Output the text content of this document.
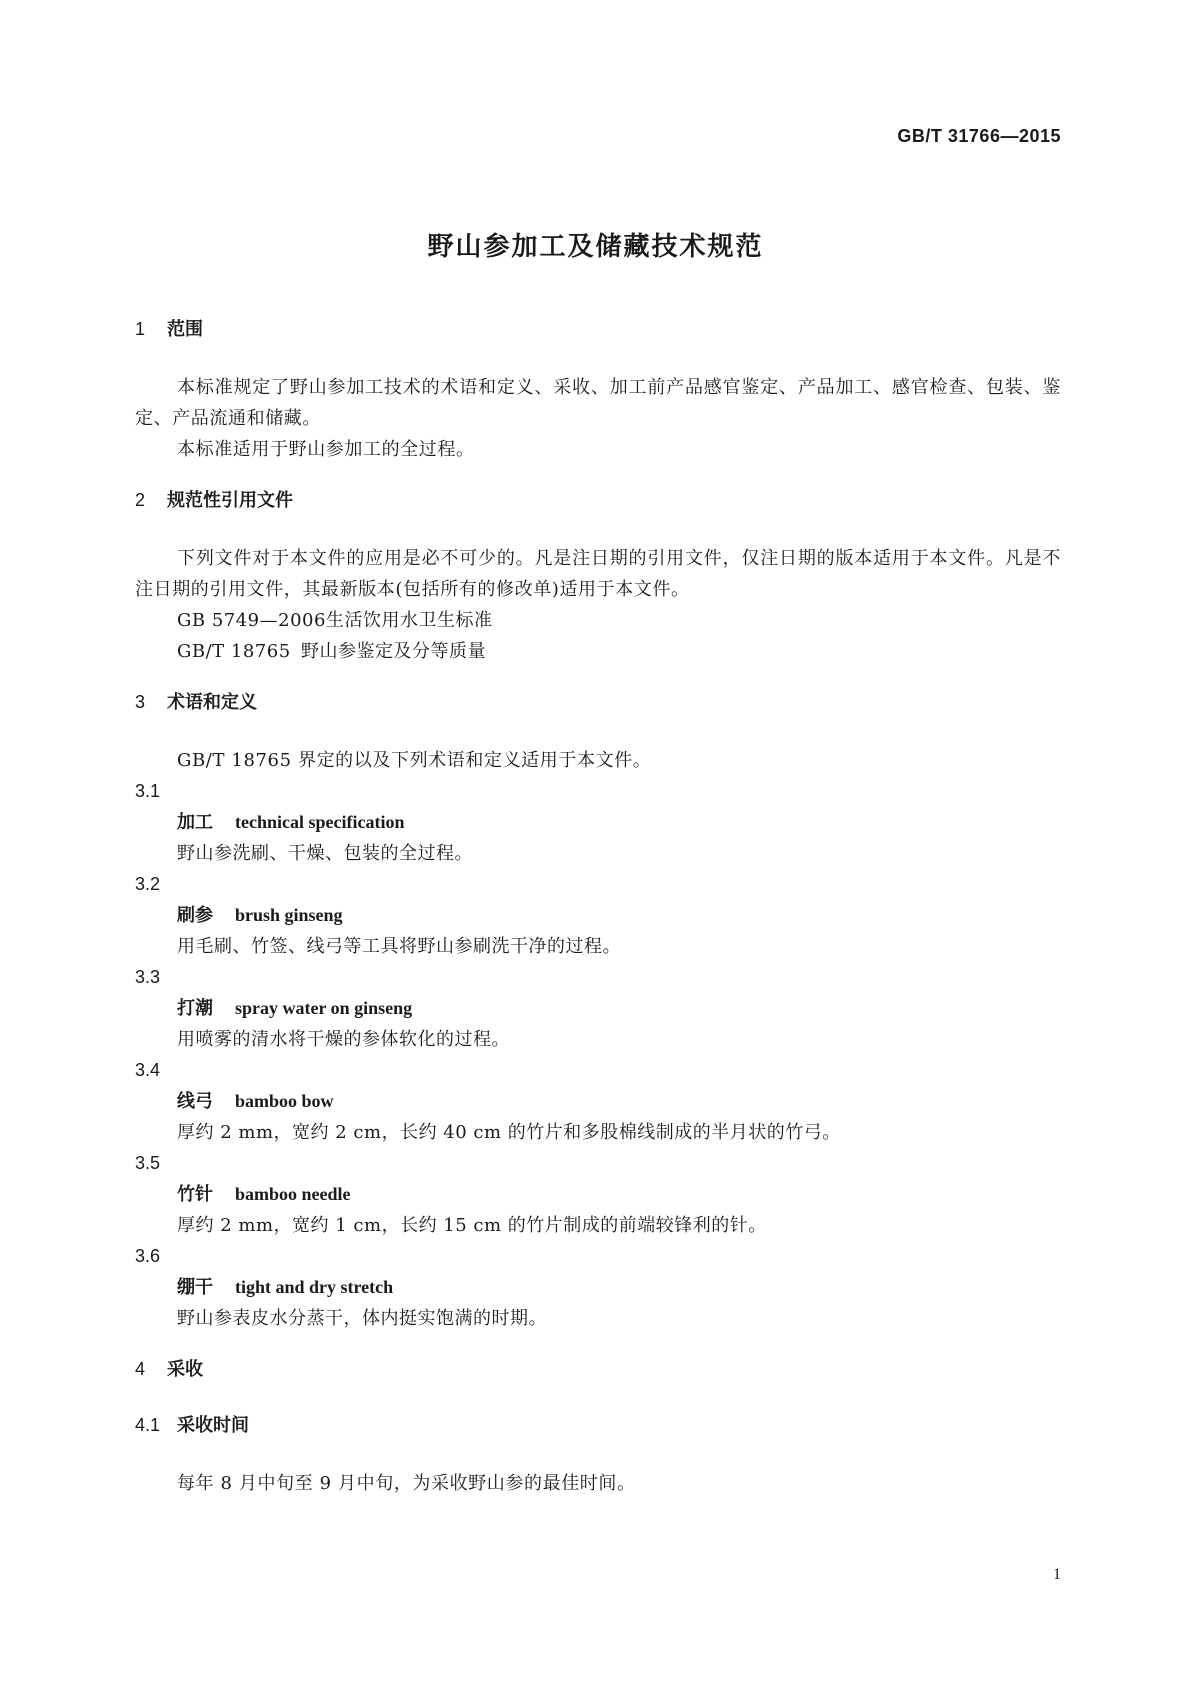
GB/T 31766—2015
野山参加工及储藏技术规范
1 范围

本标准规定了野山参加工技术的术语和定义、采收、加工前产品感官鉴定、产品加工、感官检查、包装、鉴定、产品流通和储藏。

本标准适用于野山参加工的全过程。

2 规范性引用文件

下列文件对于本文件的应用是必不可少的。凡是注日期的引用文件，仅注日期的版本适用于本文件。凡是不注日期的引用文件，其最新版本(包括所有的修改单)适用于本文件。

GB 5749—2006生活饮用水卫生标准

GB/T 18765 野山参鉴定及分等质量

3 术语和定义

GB/T 18765 界定的以及下列术语和定义适用于本文件。

3.1

加工 technical specification

野山参洗刷、干燥、包装的全过程。

3.2

刷参 brush ginseng

用毛刷、竹签、线弓等工具将野山参刷洗干净的过程。

3.3

打潮 spray water on ginseng

用喷雾的清水将干燥的参体软化的过程。

3.4

线弓 bamboo bow

厚约 2 mm，宽约 2 cm，长约 40 cm 的竹片和多股棉线制成的半月状的竹弓。

3.5

竹针 bamboo needle

厚约 2 mm，宽约 1 cm，长约 15 cm 的竹片制成的前端较锋利的针。

3.6

绷干 tight and dry stretch

野山参表皮水分蒸干，体内挺实饱满的时期。

4 采收
4.1 采收时间

每年 8 月中旬至 9 月中旬，为采收野山参的最佳时间。

1
